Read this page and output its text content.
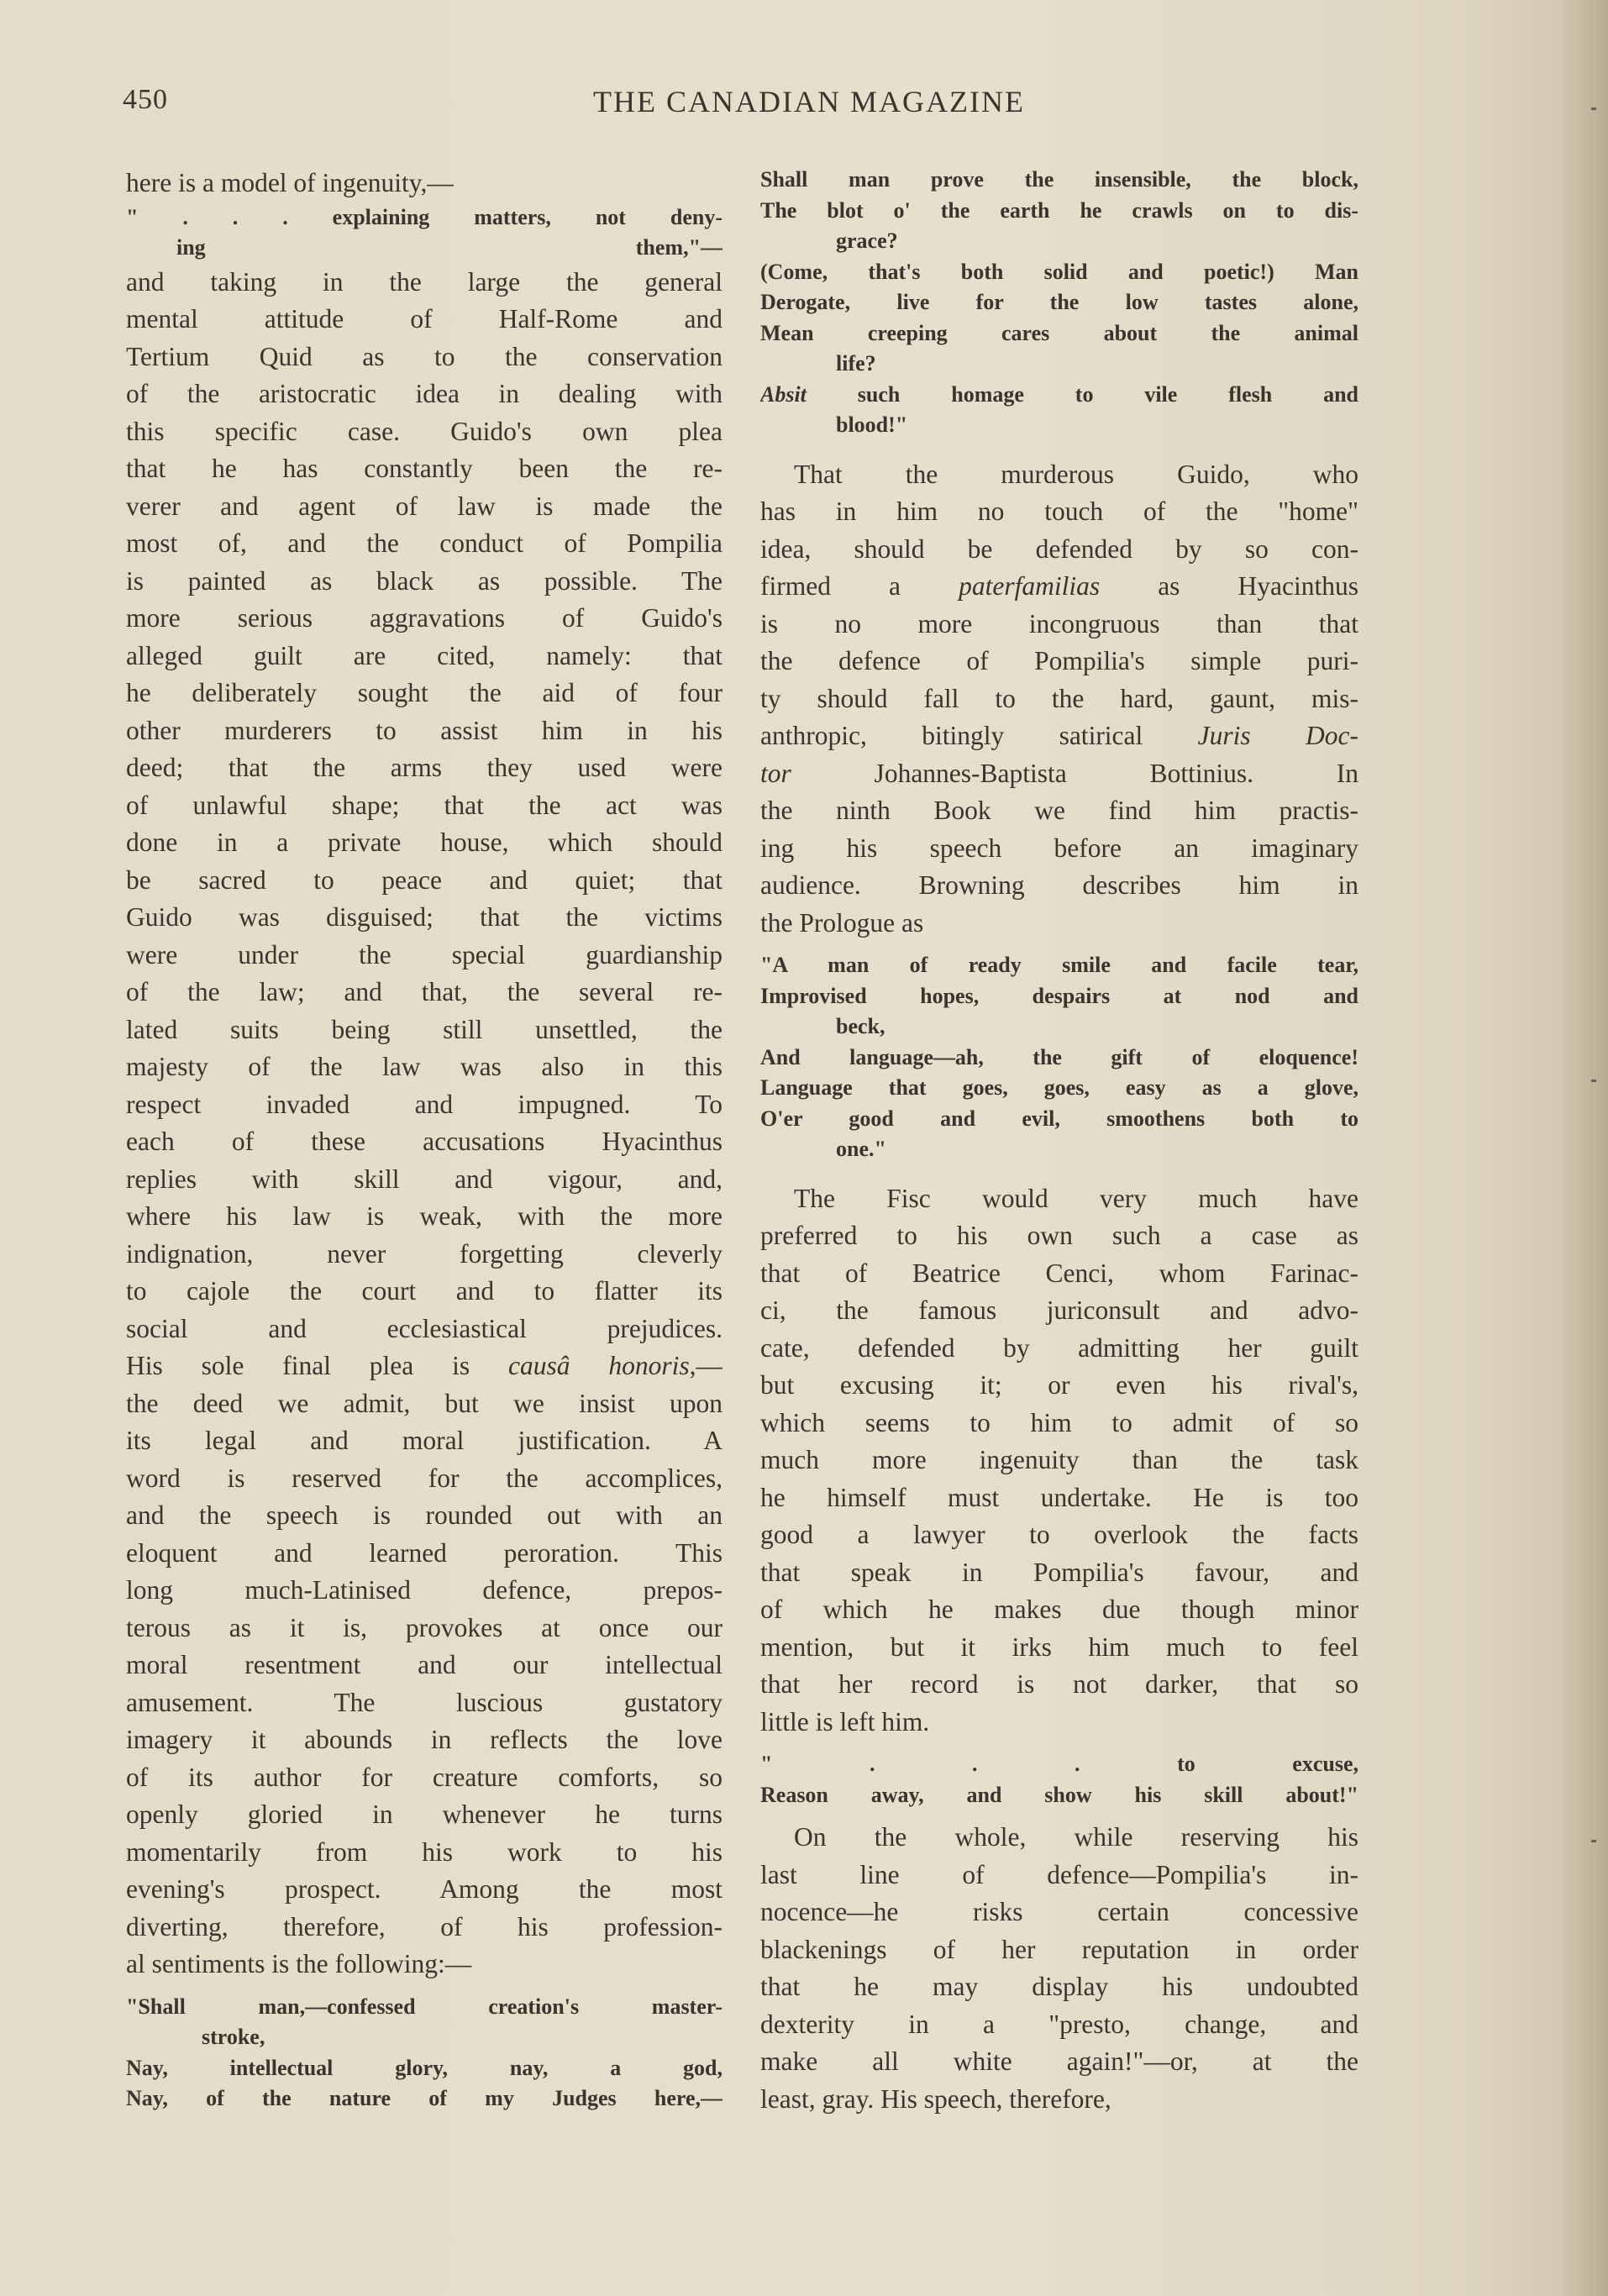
450	THE CANADIAN MAGAZINE
here is a model of ingenuity,—
" . . . explaining matters, not deny-
ing them,"—
and taking in the large the general
mental attitude of Half-Rome and
Tertium Quid as to the conservation
of the aristocratic idea in dealing with
this specific case. Guido's own plea
that he has constantly been the re-
verer and agent of law is made the
most of, and the conduct of Pompilia
is painted as black as possible. The
more serious aggravations of Guido's
alleged guilt are cited, namely: that
he deliberately sought the aid of four
other murderers to assist him in his
deed; that the arms they used were
of unlawful shape; that the act was
done in a private house, which should
be sacred to peace and quiet; that
Guido was disguised; that the victims
were under the special guardianship
of the law; and that, the several re-
lated suits being still unsettled, the
majesty of the law was also in this
respect invaded and impugned. To
each of these accusations Hyacinthus
replies with skill and vigour, and,
where his law is weak, with the more
indignation, never forgetting cleverly
to cajole the court and to flatter its
social and ecclesiastical prejudices.
His sole final plea is causâ honoris,—
the deed we admit, but we insist upon
its legal and moral justification. A
word is reserved for the accomplices,
and the speech is rounded out with an
eloquent and learned peroration. This
long much-Latinised defence, prepos-
terous as it is, provokes at once our
moral resentment and our intellectual
amusement. The luscious gustatory
imagery it abounds in reflects the love
of its author for creature comforts, so
openly gloried in whenever he turns
momentarily from his work to his
evening's prospect. Among the most
diverting, therefore, of his profession-
al sentiments is the following:—
"Shall man,—confessed creation's master-
stroke,
Nay, intellectual glory, nay, a god,
Nay, of the nature of my Judges here,—
Shall man prove the insensible, the block,
The blot o' the earth he crawls on to dis-
grace?
(Come, that's both solid and poetic!) Man
Derogate, live for the low tastes alone,
Mean creeping cares about the animal
life?
Absit such homage to vile flesh and
blood!"
That the murderous Guido, who
has in him no touch of the "home"
idea, should be defended by so con-
firmed a paterfamilias as Hyacinthus
is no more incongruous than that
the defence of Pompilia's simple puri-
ty should fall to the hard, gaunt, mis-
anthropic, bitingly satirical Juris Doc-
tor Johannes-Baptista Bottinius. In
the ninth Book we find him practis-
ing his speech before an imaginary
audience. Browning describes him in
the Prologue as
"A man of ready smile and facile tear,
Improvised hopes, despairs at nod and
beck,
And language—ah, the gift of eloquence!
Language that goes, goes, easy as a glove,
O'er good and evil, smoothens both to
one."
The Fisc would very much have
preferred to his own such a case as
that of Beatrice Cenci, whom Farinac-
ci, the famous juriconsult and advo-
cate, defended by admitting her guilt
but excusing it; or even his rival's,
which seems to him to admit of so
much more ingenuity than the task
he himself must undertake. He is too
good a lawyer to overlook the facts
that speak in Pompilia's favour, and
of which he makes due though minor
mention, but it irks him much to feel
that her record is not darker, that so
little is left him.
" . . . to excuse,
Reason away, and show his skill about!"
On the whole, while reserving his
last line of defence—Pompilia's in-
nocence—he risks certain concessive
blackenings of her reputation in order
that he may display his undoubted
dexterity in a "presto, change, and
make all white again!"—or, at the
least, gray. His speech, therefore,
